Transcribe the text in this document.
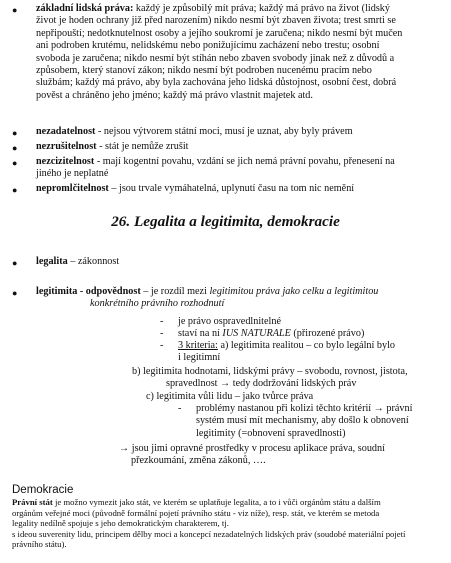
● základní lidská práva: každý je způsobilý mít práva; každý má právo na život (lidský
život je hoden ochrany již před narozením) nikdo nesmí být zbaven života; trest smrti se
nepřipouští; nedotknutelnost osoby a jejího soukromí je zaručena; nikdo nesmí být mučen
ani podroben krutému, nelidskému nebo ponižujícímu zacházení nebo trestu; osobní
svoboda je zaručena; nikdo nesmí být stíhán nebo zbaven svobody jinak než z důvodů a
způsobem, který stanoví zákon; nikdo nesmí být podroben nucenému pracím nebo
službám; každý má právo, aby byla zachována jeho lidská důstojnost, osobní čest, dobrá
pověst a chráněno jeho jméno; každý má právo vlastnit majetek atd.
● nezadatelnost - nejsou výtvorem státní moci, musí je uznat, aby byly právem
● nezrušitelnost - stát je nemůže zrušit
● nezcizitelnost - mají kogentní povahu, vzdání se jich nemá právní povahu, přenesení na
jiného je neplatné
● nepromlčitelnost – jsou trvale vymáhatelná, uplynutí času na tom nic nemění
26. Legalita a legitimita, demokracie
● legalita – zákonnost
● legitimita - odpovědnost – je rozdíl mezi legitimitou práva jako celku a legitimitou
konkrétního právního rozhodnutí
- je právo ospravedlnitelné
- staví na ní IUS NATURALE (přirozené právo)
- 3 kriteria: a) legitimita realitou – co bylo legální bylo
i legitimní
b) legitimita hodnotami, lidskými právy – svobodu, rovnost, jistota,
spravedlnost → tedy dodržování lidských práv
c) legitimita vůli lidu – jako tvůrce práva
- problémy nastanou při kolizi těchto kritérií → právní
systém musí mít mechanismy, aby došlo k obnovení
legitimity (=obnovení spravedlnosti)
→ jsou jimi opravné prostředky v procesu aplikace práva, soudní
přezkoumání, změna zákonů, ….
Demokracie
Právní stát je možno vymezit jako stát, ve kterém se uplatňuje legalita, a to i vůči orgánům státu a dalším
orgánům veřejné moci (původně formální pojetí právního státu - viz níže), resp. stát, ve kterém se metoda
legality nedílně spojuje s jeho demokratickým charakterem, tj.
s ideou suverenity lidu, principem dělby moci a koncepcí nezadatelných lidských práv (soudobé materiální pojetí
právního státu).
